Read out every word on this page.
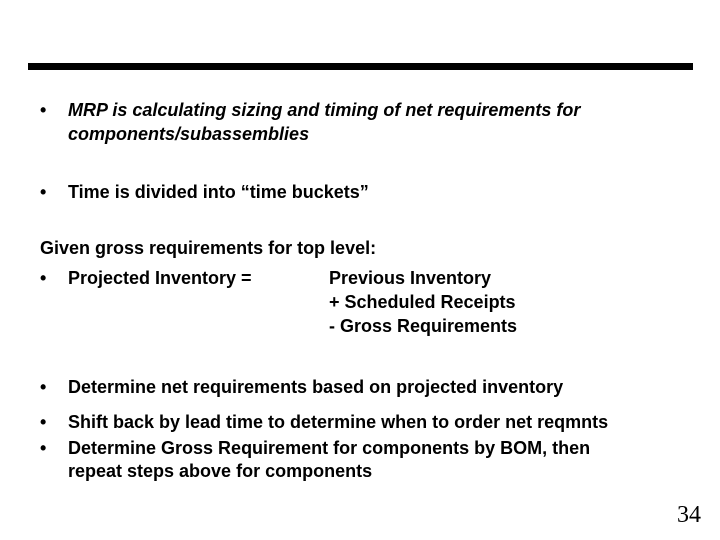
• MRP is calculating sizing and timing of net requirements for
components/subassemblies
• Time is divided into “time buckets”
Given gross requirements for top level:
• Projected Inventory =	Previous Inventory
+ Scheduled Receipts
- Gross Requirements
• Determine net requirements based on projected inventory
• Shift back by lead time to determine when to order net reqmnts
• Determine Gross Requirement for components by BOM, then
repeat steps above for components
34
